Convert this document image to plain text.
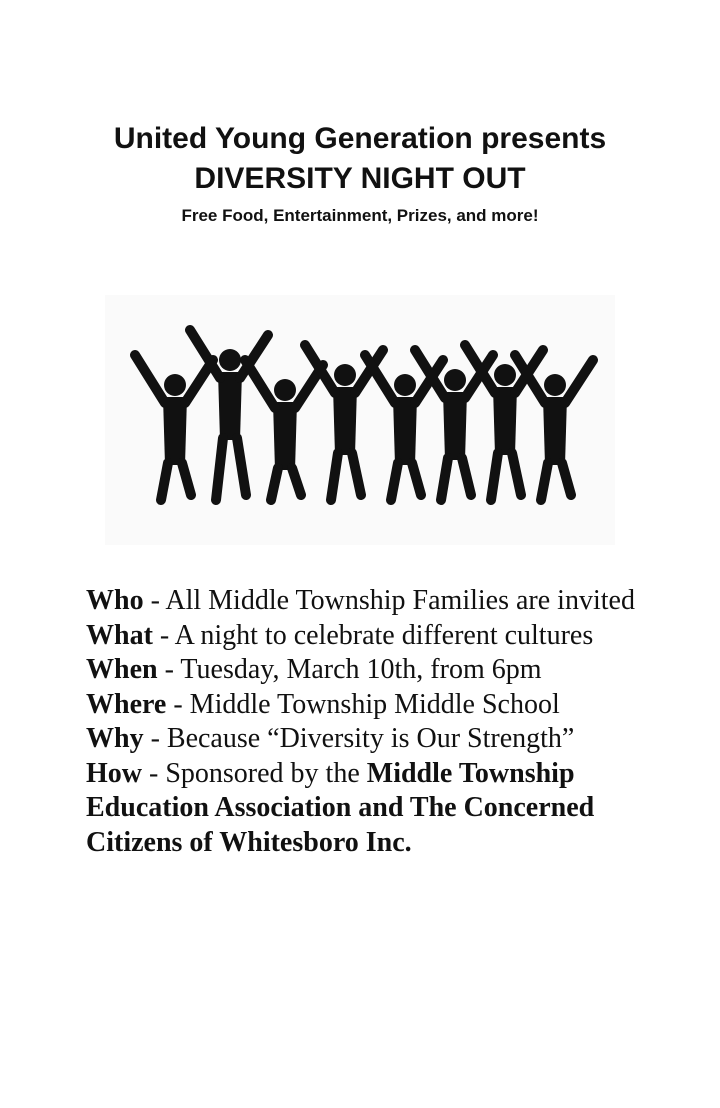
United Young Generation presents
DIVERSITY NIGHT OUT
Free Food, Entertainment, Prizes, and more!
Who - All Middle Township Families are invited
What - A night to celebrate different cultures
When - Tuesday, March 10th, from 6pm
Where - Middle Township Middle School
Why - Because “Diversity is Our Strength”
How - Sponsored by the Middle Township Education Association and The Concerned Citizens of Whitesboro Inc.
